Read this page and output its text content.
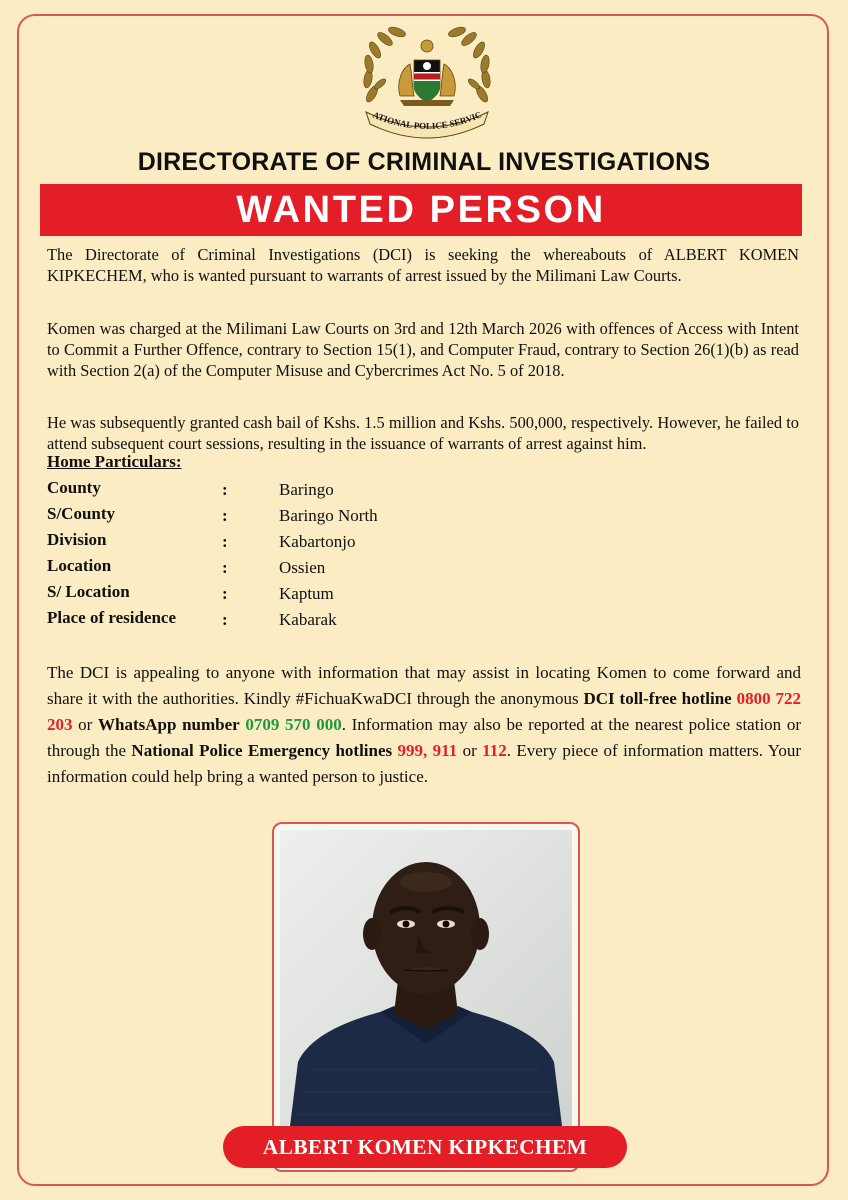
ATIONAL POLICE SERVIC
DIRECTORATE OF CRIMINAL INVESTIGATIONS
WANTED PERSON

The Directorate of Criminal Investigations (DCI) is seeking the whereabouts of ALBERT KOMEN KIPKECHEM, who is wanted pursuant to warrants of arrest issued by the Milimani Law Courts.

Komen was charged at the Milimani Law Courts on 3rd and 12th March 2026 with offences of Access with Intent to Commit a Further Offence, contrary to Section 15(1), and Computer Fraud, contrary to Section 26(1)(b) as read with Section 2(a) of the Computer Misuse and Cybercrimes Act No. 5 of 2018.

He was subsequently granted cash bail of Kshs. 1.5 million and Kshs. 500,000, respectively. However, he failed to attend subsequent court sessions, resulting in the issuance of warrants of arrest against him.

Home Particulars:
County	:	Baringo
S/County	:	Baringo North
Division	:	Kabartonjo
Location	:	Ossien
S/ Location	:	Kaptum
Place of residence	:	Kabarak

The DCI is appealing to anyone with information that may assist in locating Komen to come forward and share it with the authorities. Kindly #FichuaKwaDCI through the anonymous DCI toll-free hotline 0800 722 203 or WhatsApp number 0709 570 000. Information may also be reported at the nearest police station or through the National Police Emergency hotlines 999, 911 or 112. Every piece of information matters. Your information could help bring a wanted person to justice.

ALBERT KOMEN KIPKECHEM
